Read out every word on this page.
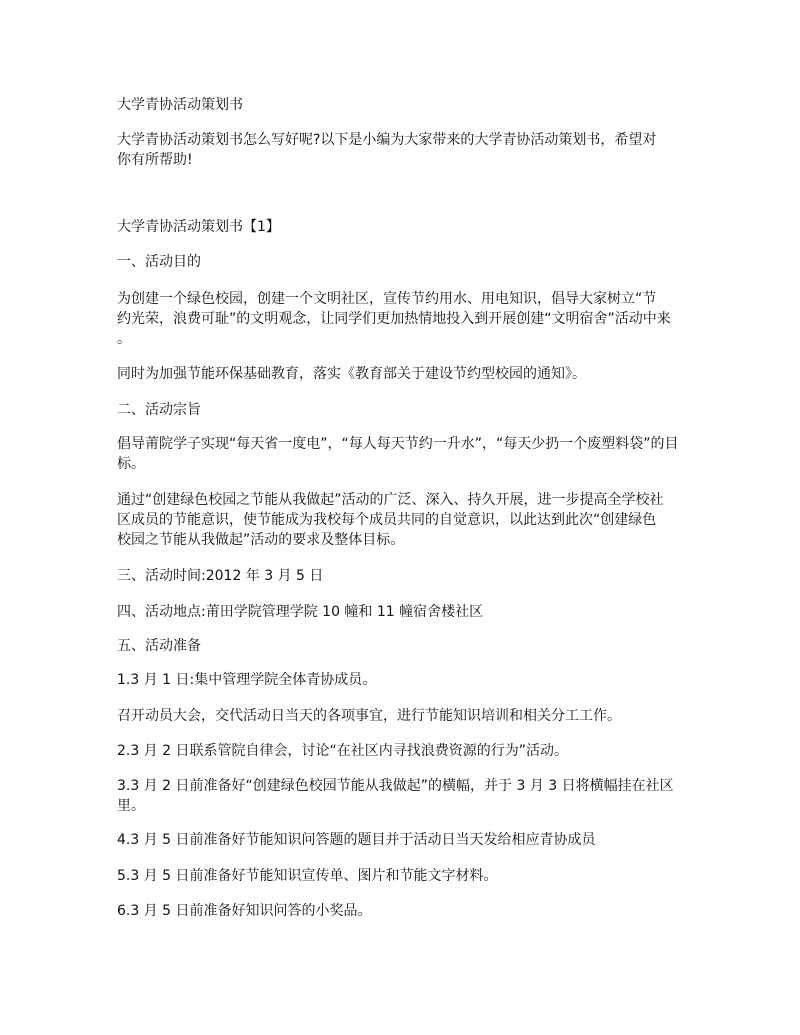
大学青协活动策划书
大学青协活动策划书怎么写好呢?以下是小编为大家带来的大学青协活动策划书，希望对
你有所帮助!
大学青协活动策划书【1】
一、活动目的
为创建一个绿色校园，创建一个文明社区，宣传节约用水、用电知识，倡导大家树立“节
约光荣，浪费可耻”的文明观念，让同学们更加热情地投入到开展创建“文明宿舍”活动中来
。
同时为加强节能环保基础教育，落实《教育部关于建设节约型校园的通知》。
二、活动宗旨
倡导莆院学子实现“每天省一度电”，“每人每天节约一升水”，“每天少扔一个废塑料袋”的目
标。
通过“创建绿色校园之节能从我做起”活动的广泛、深入、持久开展，进一步提高全学校社
区成员的节能意识，使节能成为我校每个成员共同的自觉意识，以此达到此次“创建绿色
校园之节能从我做起”活动的要求及整体目标。
三、活动时间:2012 年 3 月 5 日
四、活动地点:莆田学院管理学院 10 幢和 11 幢宿舍楼社区
五、活动准备
1.3 月 1 日:集中管理学院全体青协成员。
召开动员大会，交代活动日当天的各项事宜，进行节能知识培训和相关分工工作。
2.3 月 2 日联系管院自律会，讨论“在社区内寻找浪费资源的行为”活动。
3.3 月 2 日前准备好“创建绿色校园节能从我做起”的横幅，并于 3 月 3 日将横幅挂在社区
里。
4.3 月 5 日前准备好节能知识问答题的题目并于活动日当天发给相应青协成员
5.3 月 5 日前准备好节能知识宣传单、图片和节能文字材料。
6.3 月 5 日前准备好知识问答的小奖品。
